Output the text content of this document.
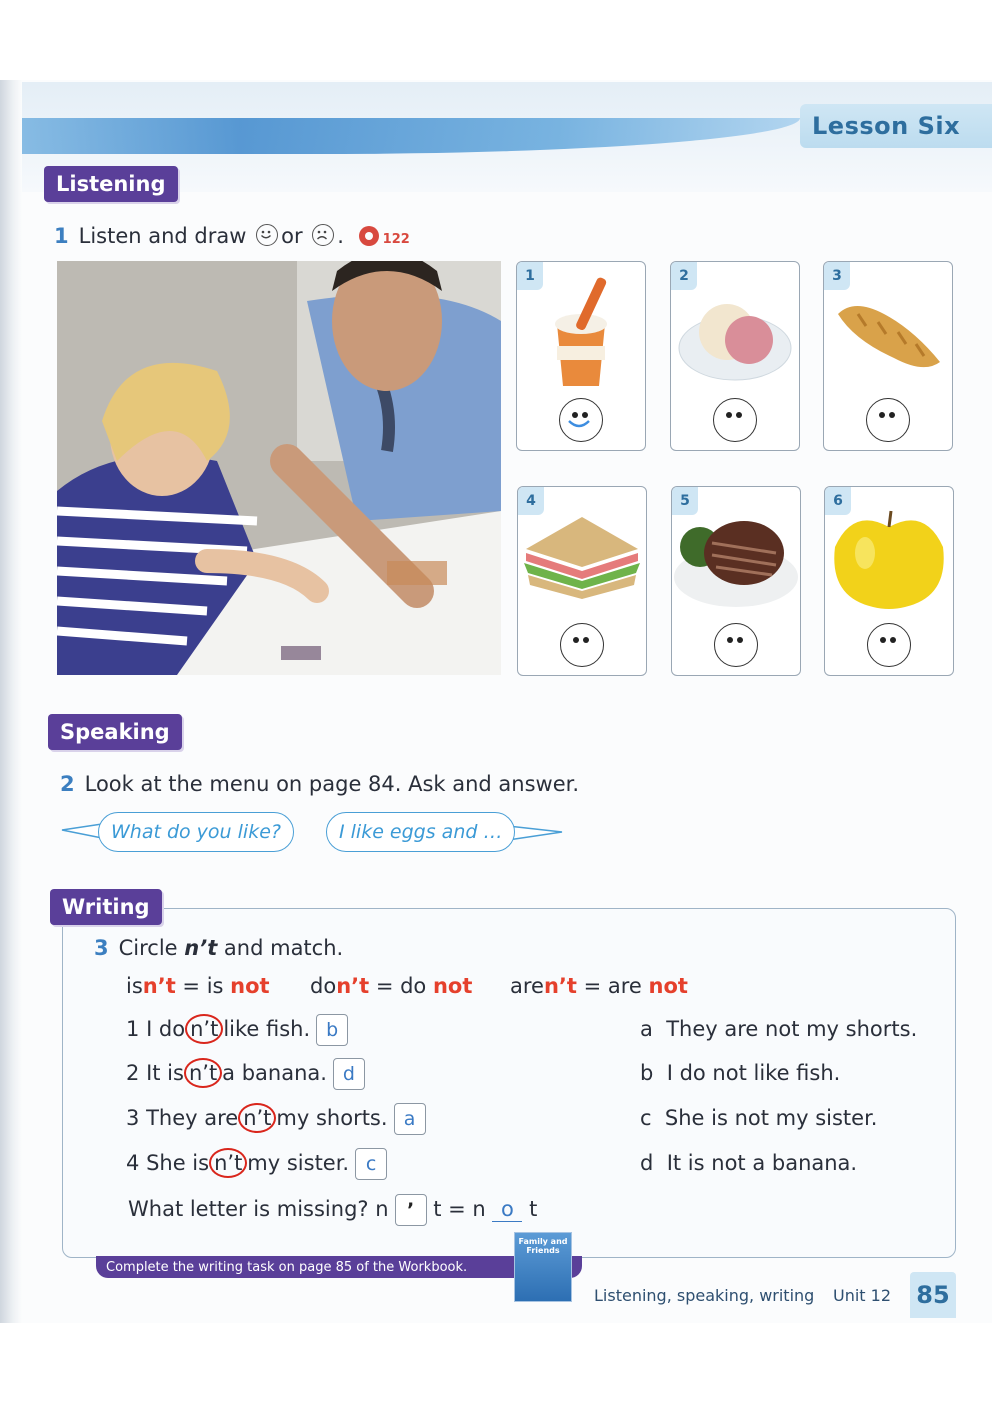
Lesson Six
Listening
1 Listen and draw or .	122
1	2	3
4	5	6
Speaking
2 Look at the menu on page 84. Ask and answer.
What do you like?	I like eggs and …
Writing
3 Circle n’t and match.
isn’t = is not don’t = do not aren’t = are not
1 I do n’t like fish. b
2 It is n’t a banana. d
3 They are n’t my shorts. a
4 She is n’t my sister. c
a They are not my shorts.
b I do not like fish.
c She is not my sister.
d It is not a banana.
What letter is missing? n ’ t = n o t
Complete the writing task on page 85 of the Workbook.
Family and Friends
Listening, speaking, writing Unit 12 85
